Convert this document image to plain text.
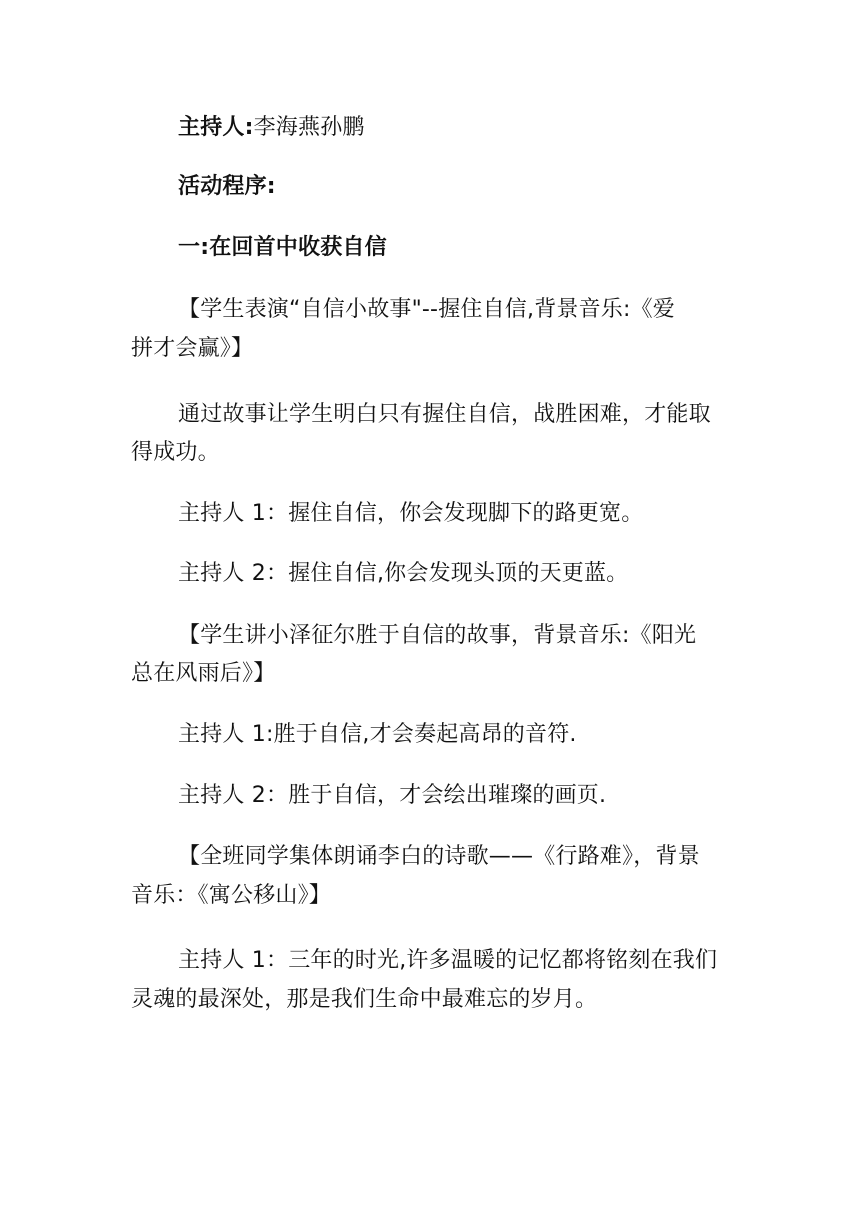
主持人:李海燕孙鹏

活动程序:

一:在回首中收获自信

【学生表演“自信小故事"--握住自信,背景音乐:《爱

拼才会赢》】

通过故事让学生明白只有握住自信，战胜困难，才能取

得成功。

主持人 1：握住自信，你会发现脚下的路更宽。

主持人 2：握住自信,你会发现头顶的天更蓝。

【学生讲小泽征尔胜于自信的故事，背景音乐:《阳光

总在风雨后》】

主持人 1:胜于自信,才会奏起高昂的音符.

主持人 2：胜于自信，才会绘出璀璨的画页.

【全班同学集体朗诵李白的诗歌——《行路难》，背景

音乐：《寓公移山》】

主持人 1：三年的时光,许多温暖的记忆都将铭刻在我们

灵魂的最深处，那是我们生命中最难忘的岁月。
